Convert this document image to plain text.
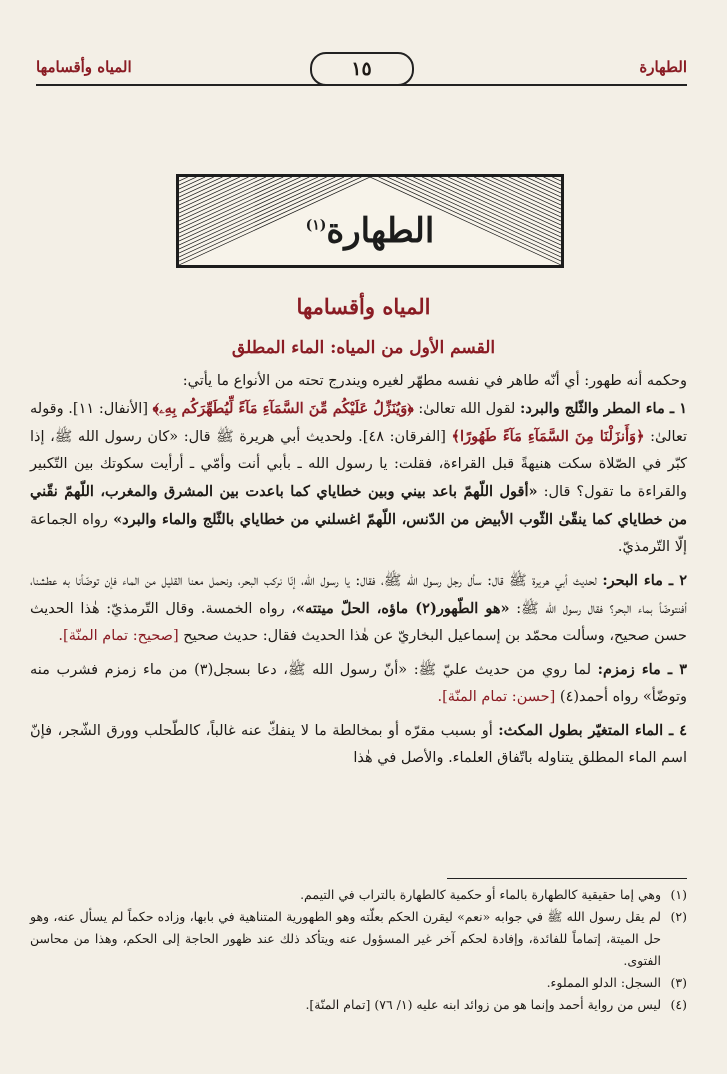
الطهارة
١٥
المياه وأقسامها
الطهارة$^{(١)}$
المياه وأقسامها
القسم الأول من المياه: الماء المطلق

وحكمه أنه طهور: أي أنّه طاهر في نفسه مطهّر لغيره ويندرج تحته من الأنواع ما يأتي:

١ ـ ماء المطر والثّلج والبرد: لقول الله تعالىٰ: ﴿وَيُنَزِّلُ عَلَيْكُم مِّنَ السَّمَآءِ مَآءً لِّيُطَهِّرَكُم بِهِۦ﴾ [الأنفال: ١١]. وقوله تعالىٰ: ﴿وَأَنزَلْنَا مِنَ السَّمَآءِ مَآءً طَهُورًا﴾ [الفرقان: ٤٨]. ولحديث أبي هريرة ﷺ قال: «كان رسول الله ﷺ، إذا كبّر في الصّلاة سكت هنيهةً قبل القراءة، فقلت: يا رسول الله ـ بأبي أنت وأمّي ـ أرأيت سكوتك بين التّكبير والقراءة ما تقول؟ قال: «أقول اللّهمّ باعد بيني وبين خطاياي كما باعدت بين المشرق والمغرب، اللّهمّ نقّني من خطاياي كما ينقّىٰ الثّوب الأبيض من الدّنس، اللّهمّ اغسلني من خطاياي بالثّلج والماء والبرد» رواه الجماعة إلّا التّرمذيّ.

٢ ـ ماء البحر: لحديث أبي هريرة ﷺ قال: سأل رجل رسول الله ﷺ، فقال: يا رسول الله، إنّا نركب البحر، ونحمل معنا القليل من الماء فإن توضّأنا به عطشنا، أفنتوضّأ بماء البحر؟ فقال رسول الله ﷺ: «هو الطّهور(٢) ماؤه، الحلّ ميتته»، رواه الخمسة. وقال التّرمذيّ: هٰذا الحديث حسن صحيح، وسألت محمّد بن إسماعيل البخاريّ عن هٰذا الحديث فقال: حديث صحيح [صحيح: تمام المنّة].

٣ ـ ماء زمزم: لما روي من حديث عليّ ﷺ: «أنّ رسول الله ﷺ، دعا بسجل(٣) من ماء زمزم فشرب منه وتوضّأ» رواه أحمد(٤) [حسن: تمام المنّة].

٤ ـ الماء المتغيّر بطول المكث: أو بسبب مقرّه أو بمخالطة ما لا ينفكّ عنه غالباً، كالطّحلب وورق الشّجر، فإنّ اسم الماء المطلق يتناوله باتّفاق العلماء. والأصل في هٰذا

(١)
وهي إما حقيقية كالطهارة بالماء أو حكمية كالطهارة بالتراب في التيمم.
(٢)
لم يقل رسول الله ﷺ في جوابه «نعم» ليقرن الحكم بعلّته وهو الطهورية المتناهية في بابها، وزاده حكماً لم يسأل عنه، وهو حل الميتة، إتماماً للفائدة، وإفادة لحكم آخر غير المسؤول عنه ويتأكد ذلك عند ظهور الحاجة إلى الحكم، وهذا من محاسن الفتوى.
(٣)
السجل: الدلو المملوء.
(٤)
ليس من رواية أحمد وإنما هو من زوائد ابنه عليه (١/ ٧٦) [تمام المنّة].
